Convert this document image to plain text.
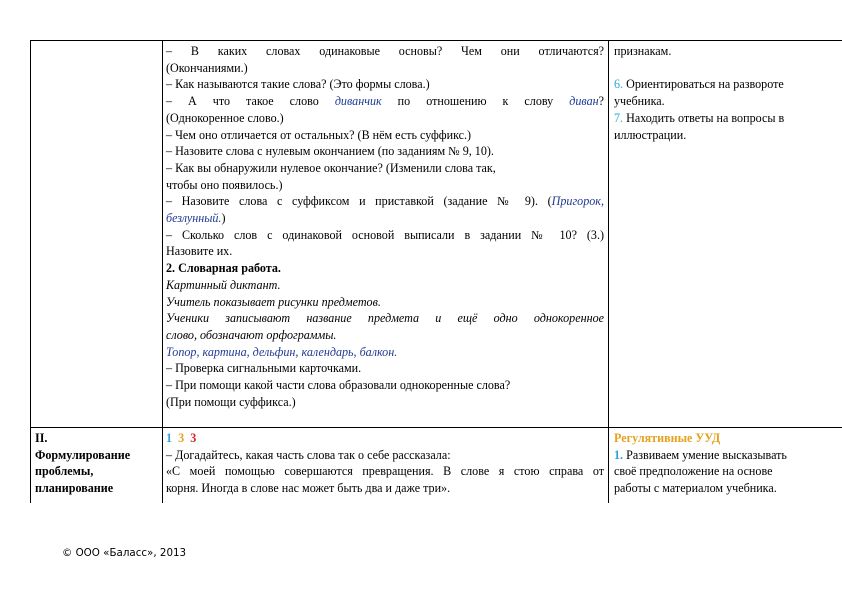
– В каких словах одинаковые основы? Чем они отличаются?

(Окончаниями.)

– Как называются такие слова? (Это формы слова.)

– А что такое слово диванчик по отношению к слову диван?

(Однокоренное слово.)

– Чем оно отличается от остальных? (В нём есть суффикс.)

– Назовите слова с нулевым окончанием (по заданиям № 9, 10).

– Как вы обнаружили нулевое окончание? (Изменили слова так,

чтобы оно появилось.)

– Назовите слова с суффиксом и приставкой (задание № 9). (Пригорок,

безлунный.)

– Сколько слов с одинаковой основой выписали в задании № 10? (3.)

Назовите их.

2. Словарная работа.

Картинный диктант.

Учитель показывает рисунки предметов.

Ученики записывают название предмета и ещё одно однокоренное

слово, обозначают орфограммы.

Топор, картина, дельфин, календарь, балкон.

– Проверка сигнальными карточками.

– При помощи какой части слова образовали однокоренные слова?

(При помощи суффикса.)

признакам.

6. Ориентироваться на развороте

учебника.

7. Находить ответы на вопросы в

иллюстрации.

II.

Формулирование

проблемы,

планирование

1 3 3

– Догадайтесь, какая часть слова так о себе рассказала:

«С моей помощью совершаются превращения. В слове я стою справа от

корня. Иногда в слове нас может быть два и даже три».

Регулятивные УУД

1. Развиваем умение высказывать

своё предположение на основе

работы с материалом учебника.

© ООО «Баласс», 2013
